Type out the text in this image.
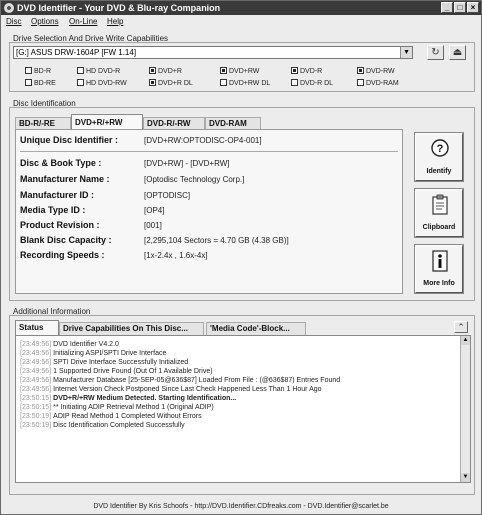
DVD Identifier - Your DVD & Blu-ray Companion	_	□	×
Disc Options On-Line Help
Drive Selection And Drive Write Capabilities
[G:] ASUS DRW-1604P [FW 1.14]	▼	↻	⏏
BD-R	HD DVD-R	DVD+R	DVD+RW	DVD-R	DVD-RW
BD-RE	HD DVD-RW	DVD+R DL	DVD+RW DL	DVD-R DL	DVD-RAM
Disc Identification
BD-R/-RE	DVD+R/+RW	DVD-R/-RW	DVD-RAM
Unique Disc Identifier :	[DVD+RW:OPTODISC-OP4-001]
Disc & Book Type :	[DVD+RW] - [DVD+RW]
Manufacturer Name :	[Optodisc Technology Corp.]
Manufacturer ID :	[OPTODISC]
Media Type ID :	[OP4]
Product Revision :	[001]
Blank Disc Capacity :	[2,295,104 Sectors = 4.70 GB (4.38 GB)]
Recording Speeds :	[1x-2.4x , 1.6x-4x]
?
Identify
Clipboard
More Info
Additional Information
Status	Drive Capabilities On This Disc...	'Media Code'-Block...	⌃
[ 23:49:56 ] DVD Identifier V4.2.0
[ 23:49:56 ] Initializing ASPI/SPTI Drive Interface
[ 23:49:56 ] SPTI Drive Interface Successfully Initialized
[ 23:49:56 ] 1 Supported Drive Found (Out Of 1 Available Drive)
[ 23:49:56 ] Manufacturer Database [25-SEP-05@636$87] Loaded From File : (@636$87) Entries Found
[ 23:49:56 ] Internet Version Check Postponed Since Last Check Happened Less Than 1 Hour Ago
[ 23:50:15 ] DVD+R/+RW Medium Detected. Starting Identification...
[ 23:50:15 ] ** Initiating ADIP Retrieval Method 1 (Original ADIP)
[ 23:50:19 ] ADIP Read Method 1 Completed Without Errors
[ 23:50:19 ] Disc Identification Completed Successfully
▲
▼
DVD Identifier By Kris Schoofs - http://DVD.Identifier.CDfreaks.com - DVD.Identifier@scarlet.be
